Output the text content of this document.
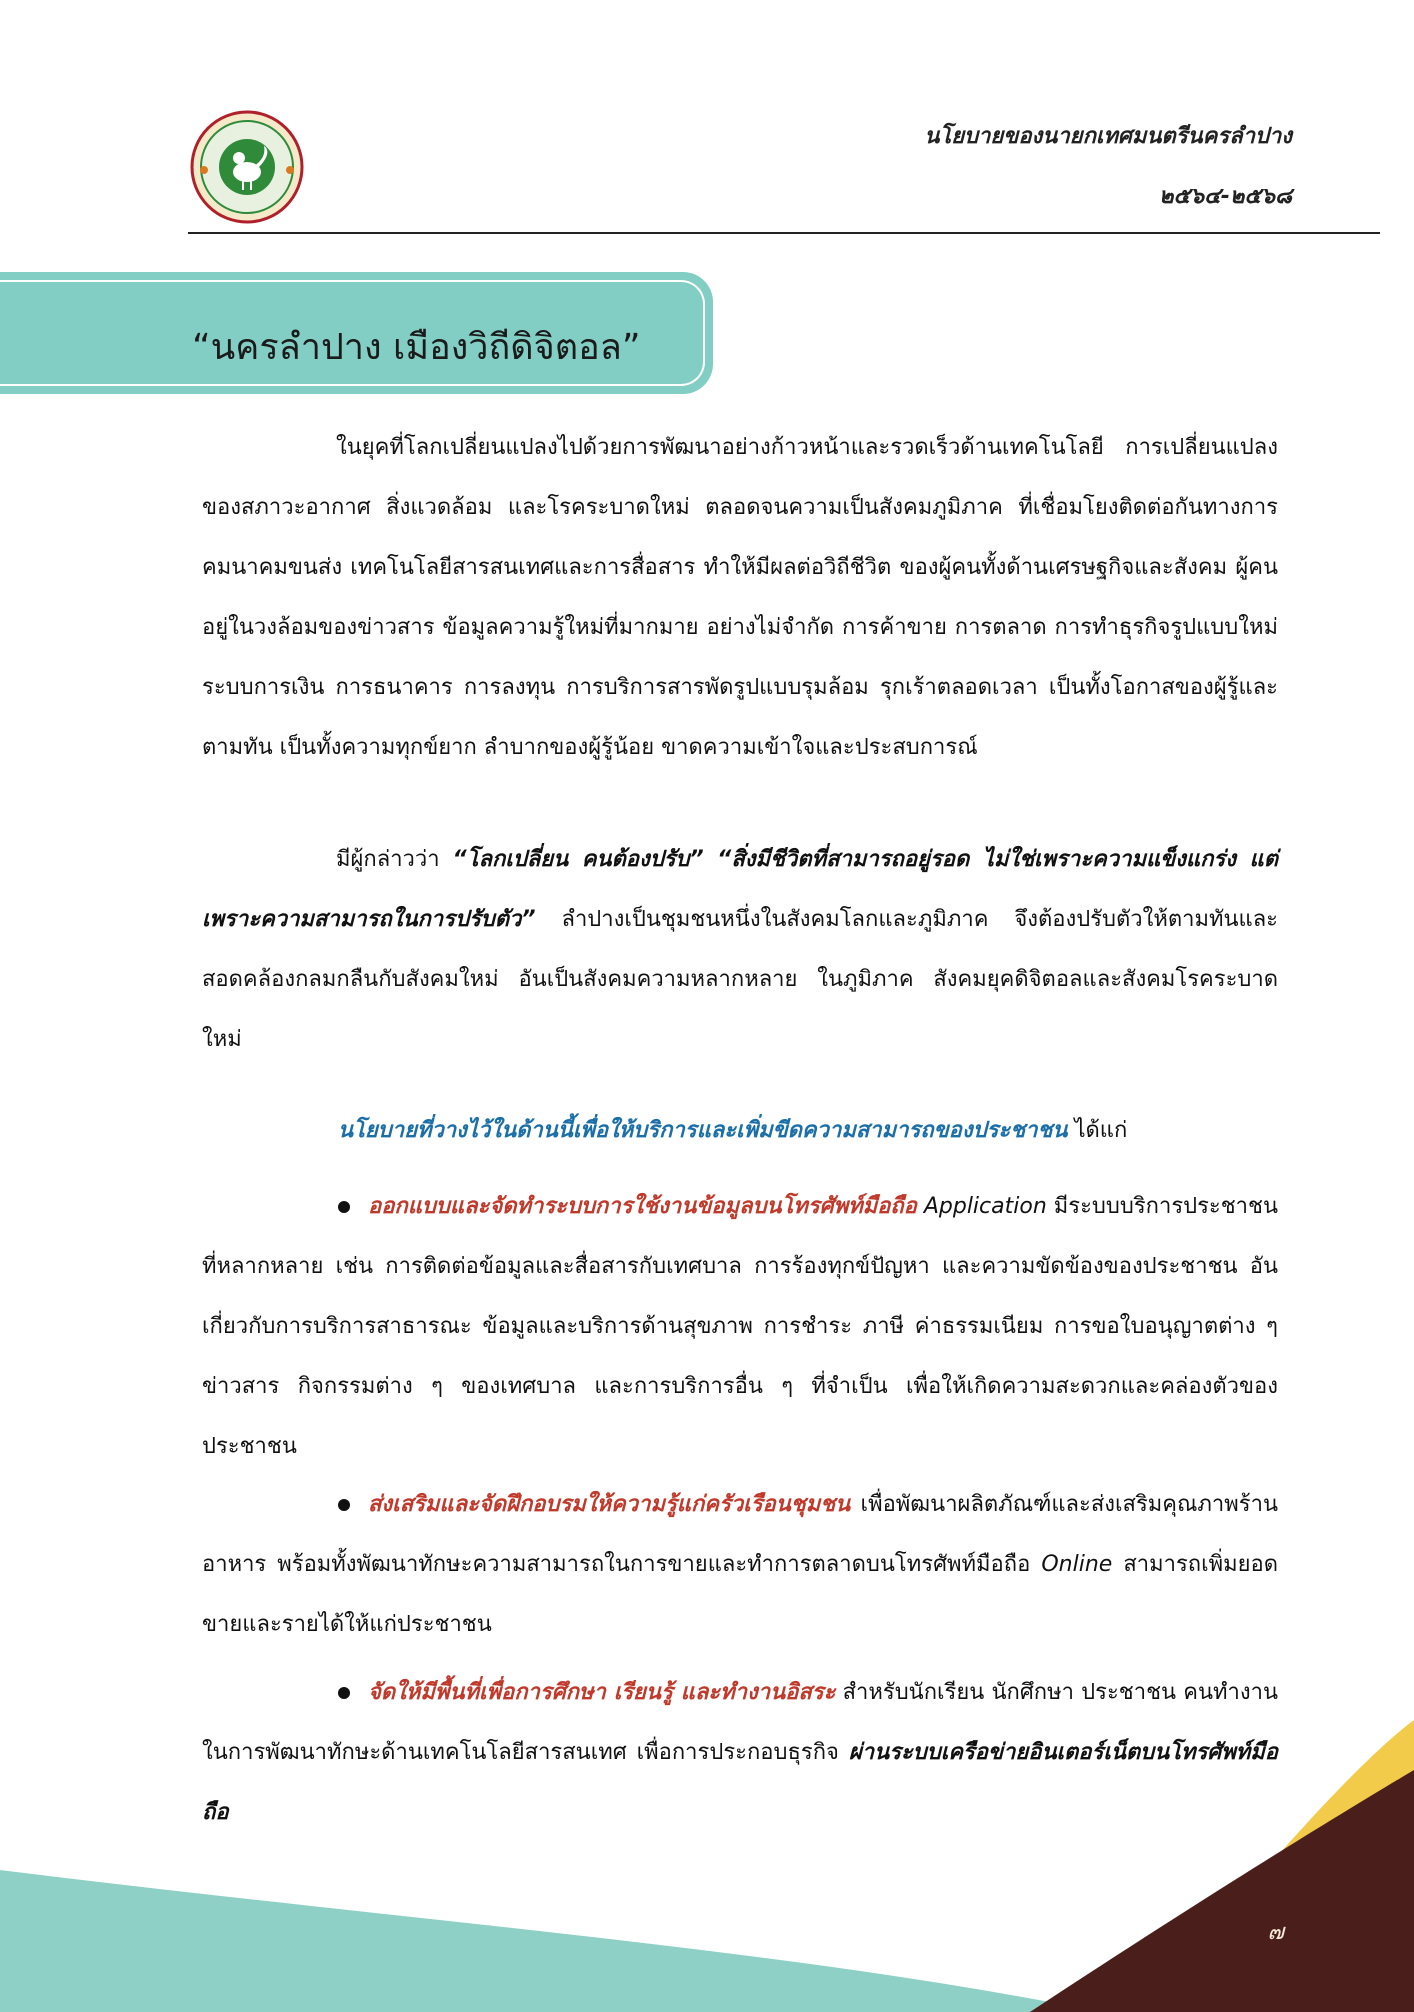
นโยบายของนายกเทศมนตรีนครลำปาง
๒๕๖๔-๒๕๖๘
“นครลำปาง เมืองวิถีดิจิตอล”
ในยุคที่โลกเปลี่ยนแปลงไปด้วยการพัฒนาอย่างก้าวหน้าและรวดเร็วด้านเทคโนโลยี การเปลี่ยนแปลงของสภาวะอากาศ สิ่งแวดล้อม และโรคระบาดใหม่ ตลอดจนความเป็นสังคมภูมิภาค ที่เชื่อมโยงติดต่อกันทางการคมนาคมขนส่ง เทคโนโลยีสารสนเทศและการสื่อสาร ทำให้มีผลต่อวิถีชีวิต ของผู้คนทั้งด้านเศรษฐกิจและสังคม ผู้คนอยู่ในวงล้อมของข่าวสาร ข้อมูลความรู้ใหม่ที่มากมาย อย่างไม่จำกัด การค้าขาย การตลาด การทำธุรกิจรูปแบบใหม่ ระบบการเงิน การธนาคาร การลงทุน การบริการสารพัดรูปแบบรุมล้อม รุกเร้าตลอดเวลา เป็นทั้งโอกาสของผู้รู้และตามทัน เป็นทั้งความทุกข์ยาก ลำบากของผู้รู้น้อย ขาดความเข้าใจและประสบการณ์
มีผู้กล่าวว่า “โลกเปลี่ยน คนต้องปรับ” “สิ่งมีชีวิตที่สามารถอยู่รอด ไม่ใช่เพราะความแข็งแกร่ง แต่เพราะความสามารถในการปรับตัว” ลำปางเป็นชุมชนหนึ่งในสังคมโลกและภูมิภาค จึงต้องปรับตัวให้ตามทันและสอดคล้องกลมกลืนกับสังคมใหม่ อันเป็นสังคมความหลากหลาย ในภูมิภาค สังคมยุคดิจิตอลและสังคมโรคระบาดใหม่
นโยบายที่วางไว้ในด้านนี้เพื่อให้บริการและเพิ่มขีดความสามารถของประชาชน ได้แก่
ออกแบบและจัดทำระบบการใช้งานข้อมูลบนโทรศัพท์มือถือ Application มีระบบบริการประชาชนที่หลากหลาย เช่น การติดต่อข้อมูลและสื่อสารกับเทศบาล การร้องทุกข์ปัญหา และความขัดข้องของประชาชน อันเกี่ยวกับการบริการสาธารณะ ข้อมูลและบริการด้านสุขภาพ การชำระ ภาษี ค่าธรรมเนียม การขอใบอนุญาตต่าง ๆ ข่าวสาร กิจกรรมต่าง ๆ ของเทศบาล และการบริการอื่น ๆ ที่จำเป็น เพื่อให้เกิดความสะดวกและคล่องตัวของประชาชน
ส่งเสริมและจัดฝึกอบรมให้ความรู้แก่ครัวเรือนชุมชน เพื่อพัฒนาผลิตภัณฑ์และส่งเสริมคุณภาพร้านอาหาร พร้อมทั้งพัฒนาทักษะความสามารถในการขายและทำการตลาดบนโทรศัพท์มือถือ Online สามารถเพิ่มยอดขายและรายได้ให้แก่ประชาชน
จัดให้มีพื้นที่เพื่อการศึกษา เรียนรู้ และทำงานอิสระ สำหรับนักเรียน นักศึกษา ประชาชน คนทำงาน ในการพัฒนาทักษะด้านเทคโนโลยีสารสนเทศ เพื่อการประกอบธุรกิจ ผ่านระบบเครือข่ายอินเตอร์เน็ตบนโทรศัพท์มือถือ
๗
